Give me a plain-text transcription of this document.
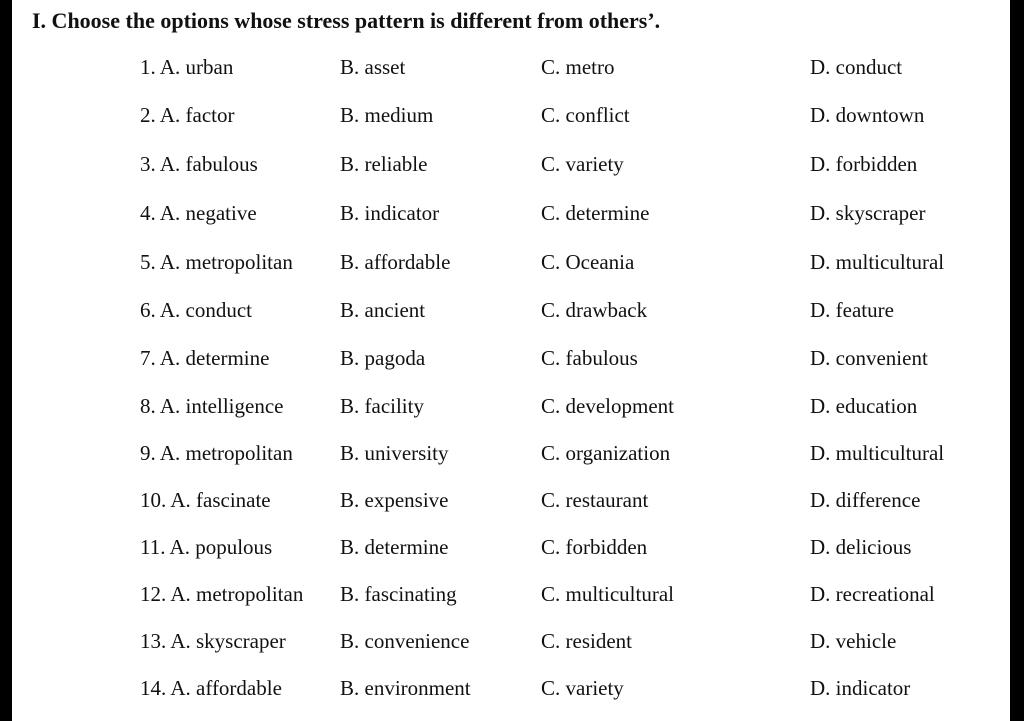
I. Choose the options whose stress pattern is different from others’.
1. A. urban	B. asset	C. metro	D. conduct
2. A. factor	B. medium	C. conflict	D. downtown
3. A. fabulous	B. reliable	C. variety	D. forbidden
4. A. negative	B. indicator	C. determine	D. skyscraper
5. A. metropolitan B. affordable	C. Oceania	D. multicultural
6. A. conduct	B. ancient	C. drawback	D. feature
7. A. determine	B. pagoda	C. fabulous	D. convenient
8. A. intelligence	B. facility	C. development	D. education
9. A. metropolitan B. university	C. organization	D. multicultural
10. A. fascinate	B. expensive	C. restaurant	D. difference
11. A. populous	B. determine	C. forbidden	D. delicious
12. A. metropolitan B. fascinating	C. multicultural	D. recreational
13. A. skyscraper	B. convenience	C. resident	D. vehicle
14. A. affordable	B. environment	C. variety	D. indicator
